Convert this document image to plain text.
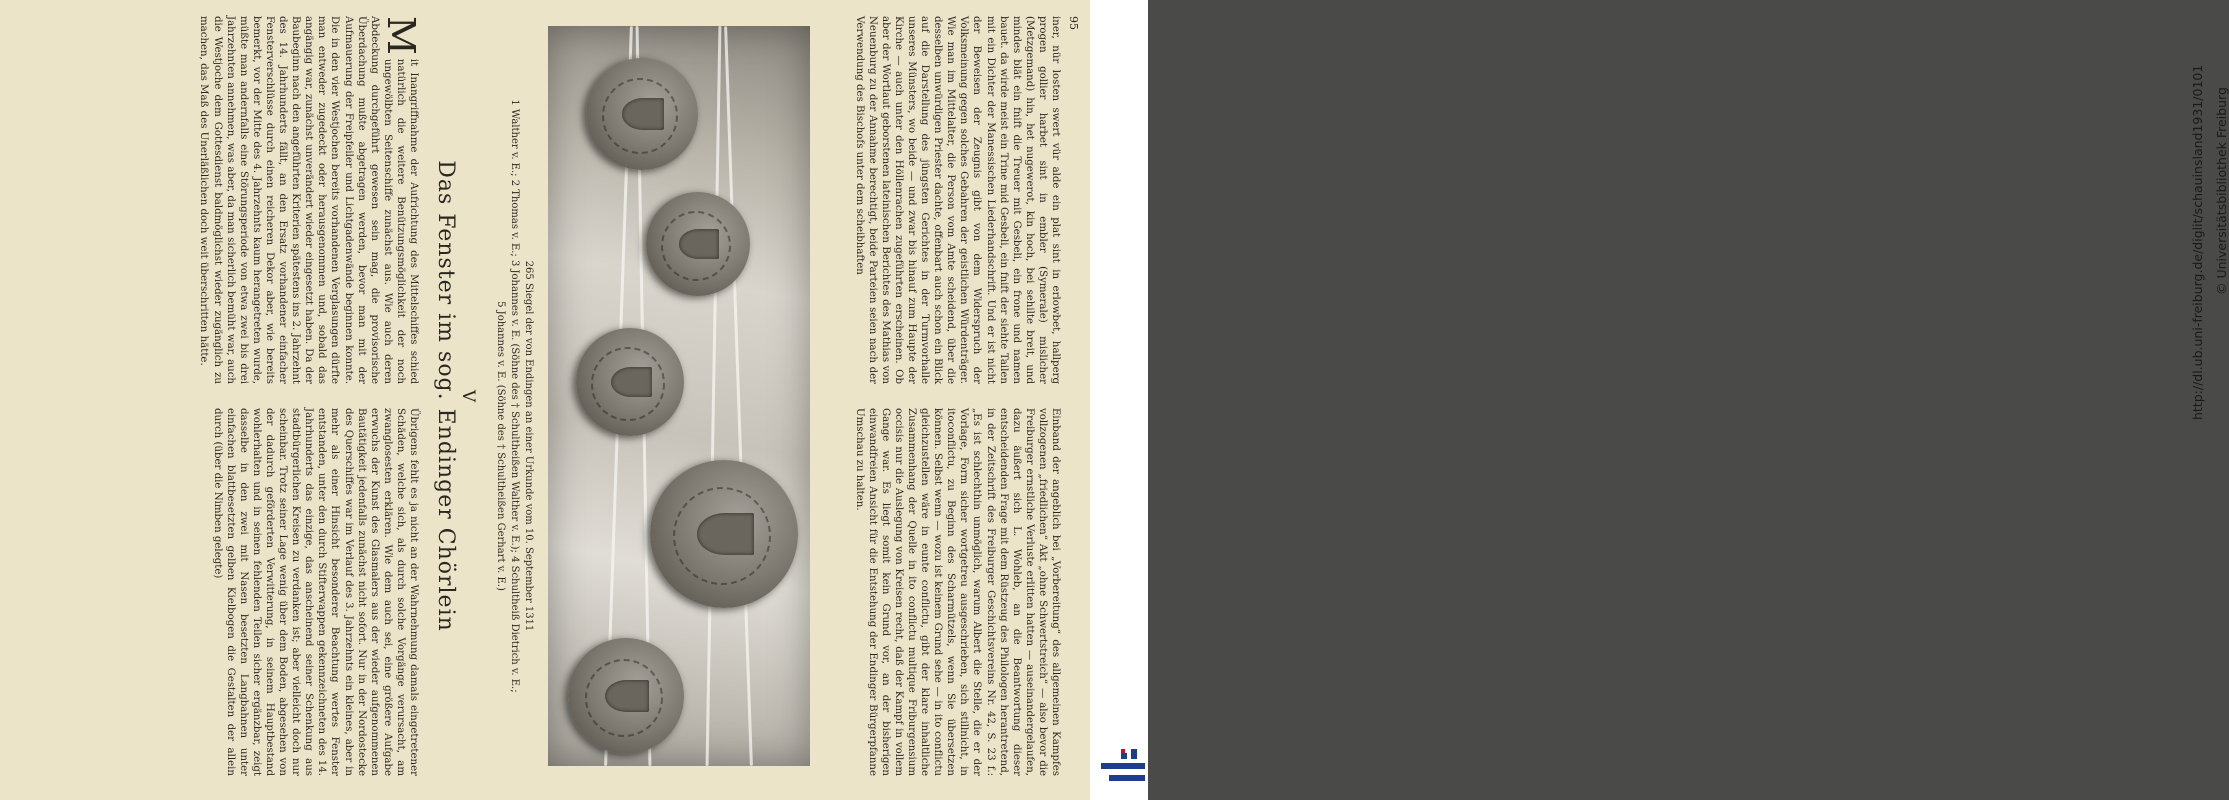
95

iner, nür losten swert vür alde ein plat sint in erlowbet, hallperg progen gollier harbet sint in embler (Symerale) mislicher (Metzgemand) hin, het nugewerot, kin hoch, bei sehilte breit, und mindes blät ein fnift die Treuer mit Gesbeli, ein frone und namen bauet. da wirde meist ein Trine mid Gesbeli, ein fnift der siehte Tailen mit ein Dichter der Manessischen Liederhandschrift. Und er ist nicht der Beweisen der Zeugnis gibt von dem Widerspruch der Volksmeinung gegen solches Gebahren der geistlichen Würdenträger. Wie man im Mittelalter, die Person vom Amte scheidend, über die desselben unwürdigen Priester dachte, offenbart auch schon ein Blick auf die Darstellung des jüngsten Gerichtes in der Turmvorhalle unseres Münsters, wo beide — und zwar bis hinauf zum Haupte der Kirche — auch unter den Höllenrachen zugeführten erscheinen. Ob aber der Wortlaut geborstenen lateinischen Berichtes des Mathias von Neuenburg zu der Annahme berechtigt, beide Parteien seien nach der Verwendung des Bischofs unter dem scheibhaften

Einband der angeblich bei „Vorbereitung“ des allgemeinen Kampfes vollzogenen „friedlichen“ Akt „ohne Schwertstreich“ — also bevor die Freiburger ernstliche Verluste erlitten hatten — auseinandergelaufen, dazu äußert sich L. Wohleb, an die Beantwortung dieser entscheidenden Frage mit dem Rüstzeug des Philologen herantretend, in der Zeitschrift des Freiburger Geschichtsvereins Nr. 42, S. 23 f.: „Es ist schlechthin unmöglich, warum Albert die Stelle, die er der Vorlage, Form sicher wortgetreu ausgeschrieben, sich stillnicht, in itoconflictu, zu Beginn des Scharmützels, wenn Sie übersetzen können. Selbst wenn — wozu ist keinem Grund sehe — in ito conflictu gleichzustellen wäre in eunte conflictu, gibt der klare inhaltliche Zusammenhang der Quelle in ito conflictu multique Friburgensium occisis nur die Auslegung von Kreisen recht, daß der Kampf in vollem Gange war. Es liegt somit kein Grund vor, an der bisherigen einwandfreien Ansicht für die Entstehung der Endinger Bürgerpfanne Umschau zu halten.

265 Siegel der von Endingen an einer Urkunde vom 10. September 1311
1 Walther v. E.; 2 Thomas v. E.; 3 Johannes v. E. (Söhne des † Schultheißen Walther v. E.); 4 Schultheiß Dietrich v. E.;
5 Johannes v. E. (Söhne des † Schultheißen Gerhart v. E.)
V
Das Fenster im sog. Endinger Chörlein
M

it Inangriffnahme der Aufrichtung des Mittelschiffes schied natürlich die weitere Benützungsmöglichkeit der noch ungewölbten Seitenschiffe zunächst aus. Wie auch deren Abdeckung durchgeführt gewesen sein mag, die provisorische Überdachung mußte abgetragen werden, bevor man mit der Aufmauerung der Freipfeiler und Lichtgadenwände beginnen konnte. Die in den vier Westjochen bereits vorhandenen Verglasungen dürfte man entweder zugedeckt oder herausgenommen und, sobald das angängig war, zunächst unverändert wieder eingesetzt haben. Da der Baubeginn nach den angeführten Kriterien spätestens ins 2. Jahrzehnt des 14. Jahrhunderts fällt, an den Ersatz vorhandener einfacher Fensterverschlüsse durch einen reicheren Dekor aber, wie bereits bemerkt, vor der Mitte des 4. Jahrzehnts kaum herangetreten wurde, müßte man andernfalls eine Störungsperiode von etwa zwei bis drei Jahrzehnten annehmen, was aber, da man sicherlich bemüht war, auch die Westjoche dem Gottesdienst baldmöglichst wieder zugänglich zu machen, das Maß des Unerläßlichen doch weit überschritten hätte.

Übrigens fehlt es ja nicht an der Wahrnehmung damals eingetretener Schäden, welche sich, als durch solche Vorgänge verursacht, am zwanglosesten erklären. Wie dem auch sei, eine größere Aufgabe erwuchs der Kunst des Glasmalers aus der wieder aufgenommenen Bautätigkeit jedenfalls zunächst nicht sofort. Nur in der Nordostecke des Querschiffes war im Verlauf des 3. Jahrzehnts ein kleines, aber in mehr als einer Hinsicht besonderer Beachtung wertes Fenster entstanden, unter den durch Stifterwappen gekennzeichneten des 14. Jahrhunderts das einzige, das anscheinend seiner Schenkung aus stadtbürgerlichen Kreisen zu verdanken ist; aber vielleicht doch nur scheinbar. Trotz seiner Lage wenig über dem Boden, abgesehen von der dadurch geförderten Verwitterung, in seinem Hauptbestand wohlerhalten und in seinen fehlenden Teilen sicher ergänzbar, zeigt dasselbe in den zwei mit Nasen besetzten Langbahnen unter einfachen blattbesetzten gelben Kielbogen die Gestalten der allein durch (über die Nimben gelegte)

http://dl.ub.uni-freiburg.de/diglit/schauinsland1931/0101 © Universitätsbibliothek Freiburg
